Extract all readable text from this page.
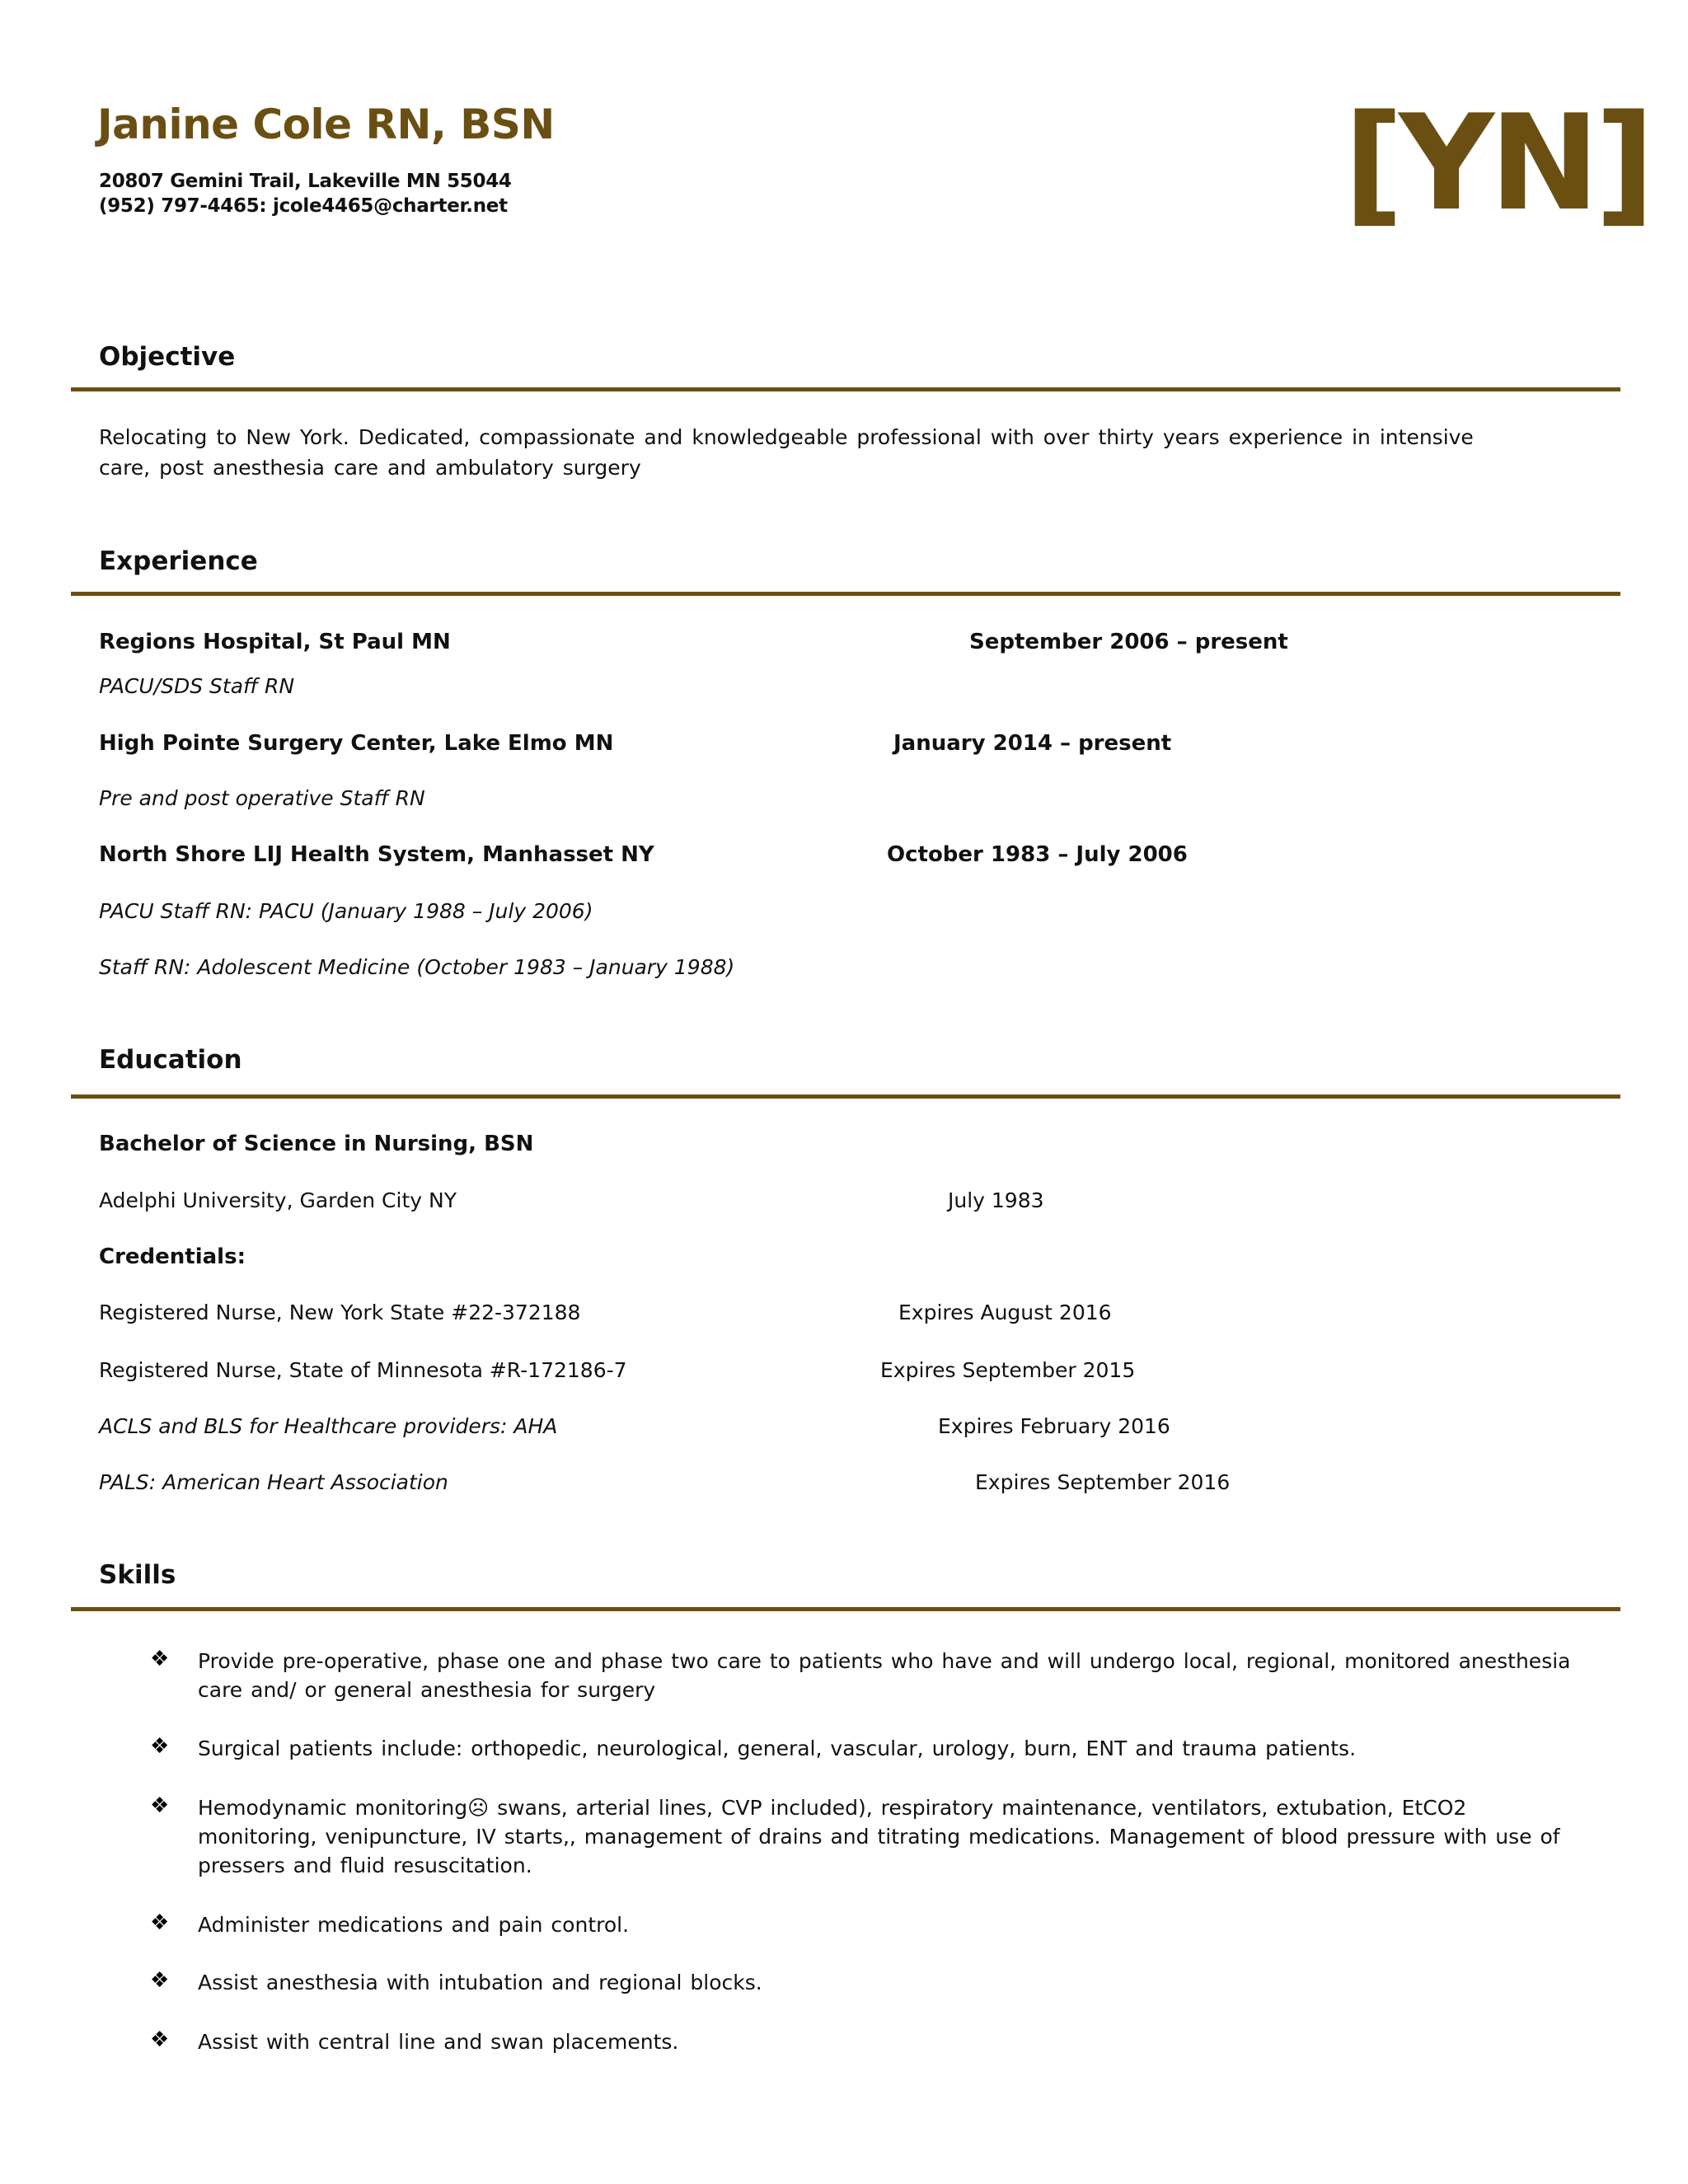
Janine Cole RN, BSN
20807 Gemini Trail, Lakeville MN 55044
(952) 797-4465: jcole4465@charter.net	[YN]
Objective
Relocating to New York. Dedicated, compassionate and knowledgeable professional with over thirty years experience in intensive care, post anesthesia care and ambulatory surgery
Experience
Regions Hospital, St Paul MN	September 2006 – present
PACU/SDS Staff RN
High Pointe Surgery Center, Lake Elmo MN	January 2014 – present
Pre and post operative Staff RN
North Shore LIJ Health System, Manhasset NY	October 1983 – July 2006
PACU Staff RN: PACU (January 1988 – July 2006)
Staff RN: Adolescent Medicine (October 1983 – January 1988)
Education
Bachelor of Science in Nursing, BSN
Adelphi University, Garden City NY	July 1983
Credentials:
Registered Nurse, New York State #22-372188	Expires August 2016
Registered Nurse, State of Minnesota #R-172186-7	Expires September 2015
ACLS and BLS for Healthcare providers: AHA	Expires February 2016
PALS: American Heart Association	Expires September 2016
Skills
❖ Provide pre-operative, phase one and phase two care to patients who have and will undergo local, regional, monitored anesthesia care and/ or general anesthesia for surgery
❖ Surgical patients include: orthopedic, neurological, general, vascular, urology, burn, ENT and trauma patients.
❖ Hemodynamic monitoring☹ swans, arterial lines, CVP included), respiratory maintenance, ventilators, extubation, EtCO2 monitoring, venipuncture, IV starts,, management of drains and titrating medications. Management of blood pressure with use of pressers and fluid resuscitation.
❖ Administer medications and pain control.
❖ Assist anesthesia with intubation and regional blocks.
❖ Assist with central line and swan placements.
